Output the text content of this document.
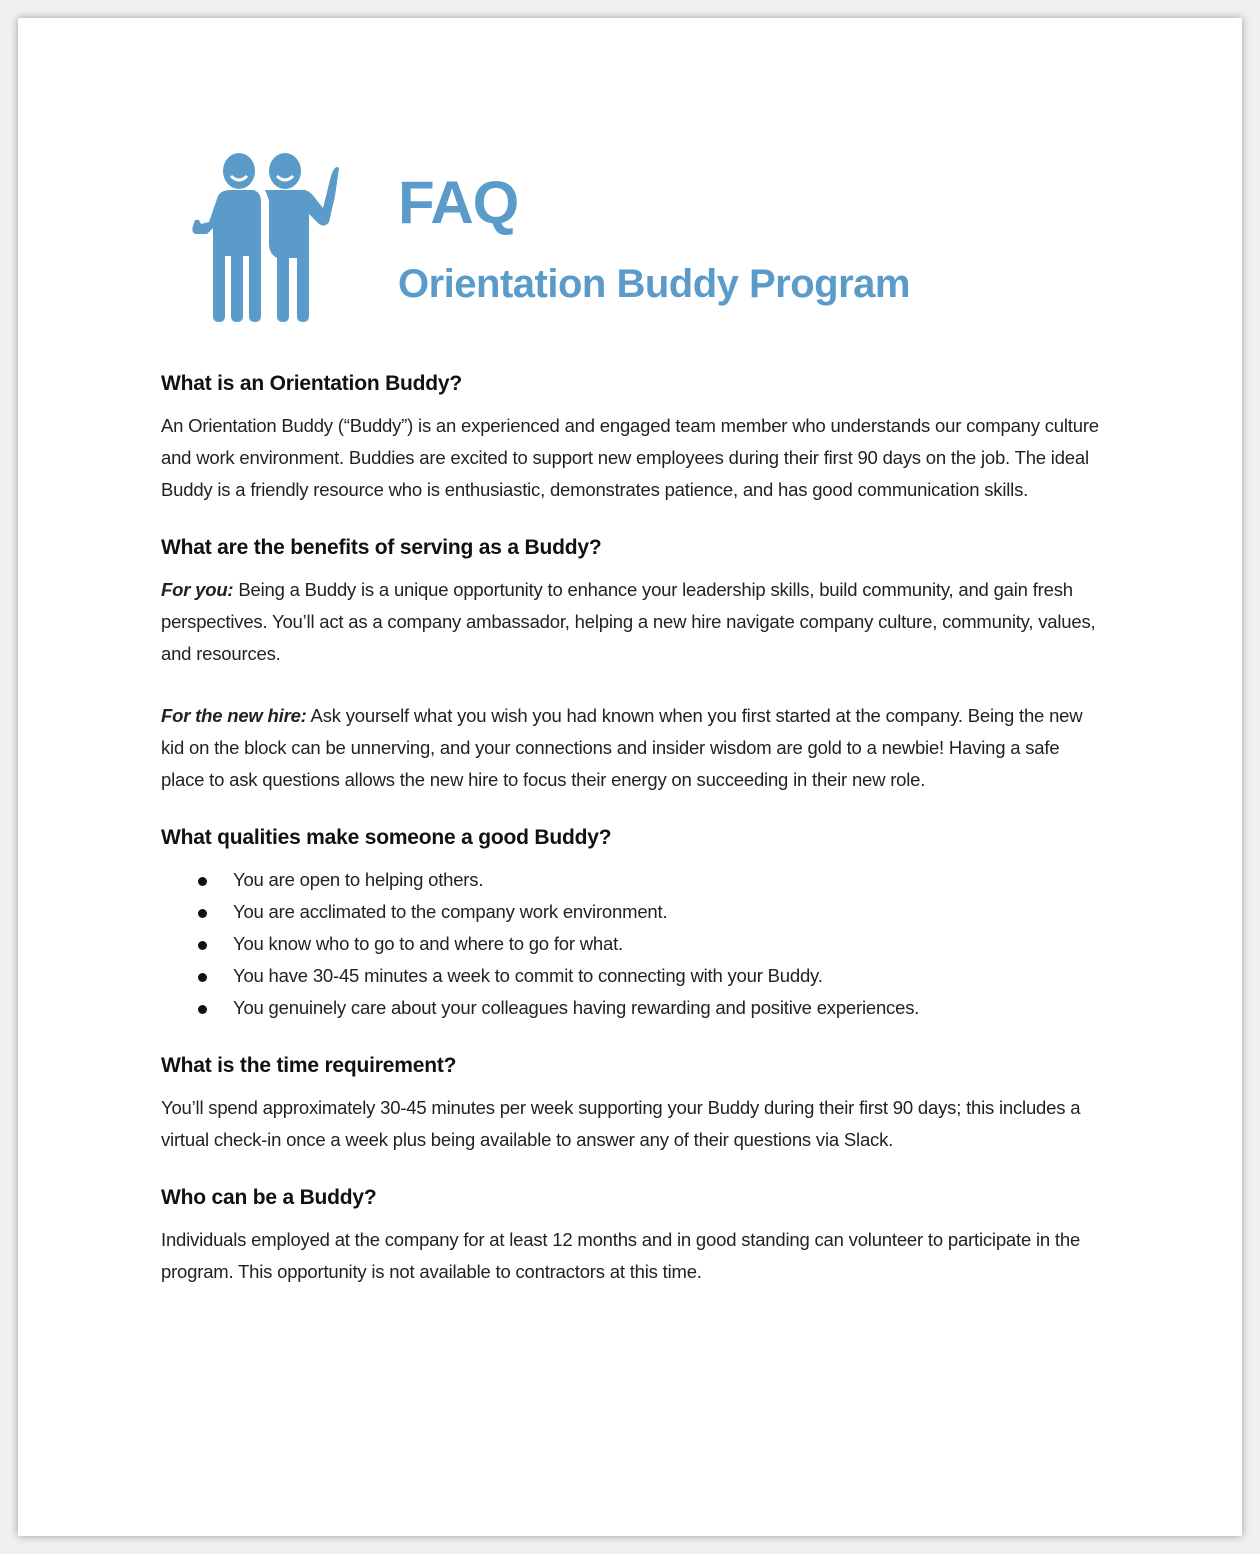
FAQ
Orientation Buddy Program
What is an Orientation Buddy?

An Orientation Buddy (“Buddy”) is an experienced and engaged team member who understands our company culture and work environment. Buddies are excited to support new employees during their first 90 days on the job. The ideal Buddy is a friendly resource who is enthusiastic, demonstrates patience, and has good communication skills.

What are the benefits of serving as a Buddy?

For you: Being a Buddy is a unique opportunity to enhance your leadership skills, build community, and gain fresh perspectives. You’ll act as a company ambassador, helping a new hire navigate company culture, community, values, and resources.

For the new hire: Ask yourself what you wish you had known when you first started at the company. Being the new kid on the block can be unnerving, and your connections and insider wisdom are gold to a newbie! Having a safe place to ask questions allows the new hire to focus their energy on succeeding in their new role.

What qualities make someone a good Buddy?
You are open to helping others.
You are acclimated to the company work environment.
You know who to go to and where to go for what.
You have 30-45 minutes a week to commit to connecting with your Buddy.
You genuinely care about your colleagues having rewarding and positive experiences.
What is the time requirement?

You’ll spend approximately 30-45 minutes per week supporting your Buddy during their first 90 days; this includes a virtual check-in once a week plus being available to answer any of their questions via Slack.

Who can be a Buddy?

Individuals employed at the company for at least 12 months and in good standing can volunteer to participate in the program. This opportunity is not available to contractors at this time.
